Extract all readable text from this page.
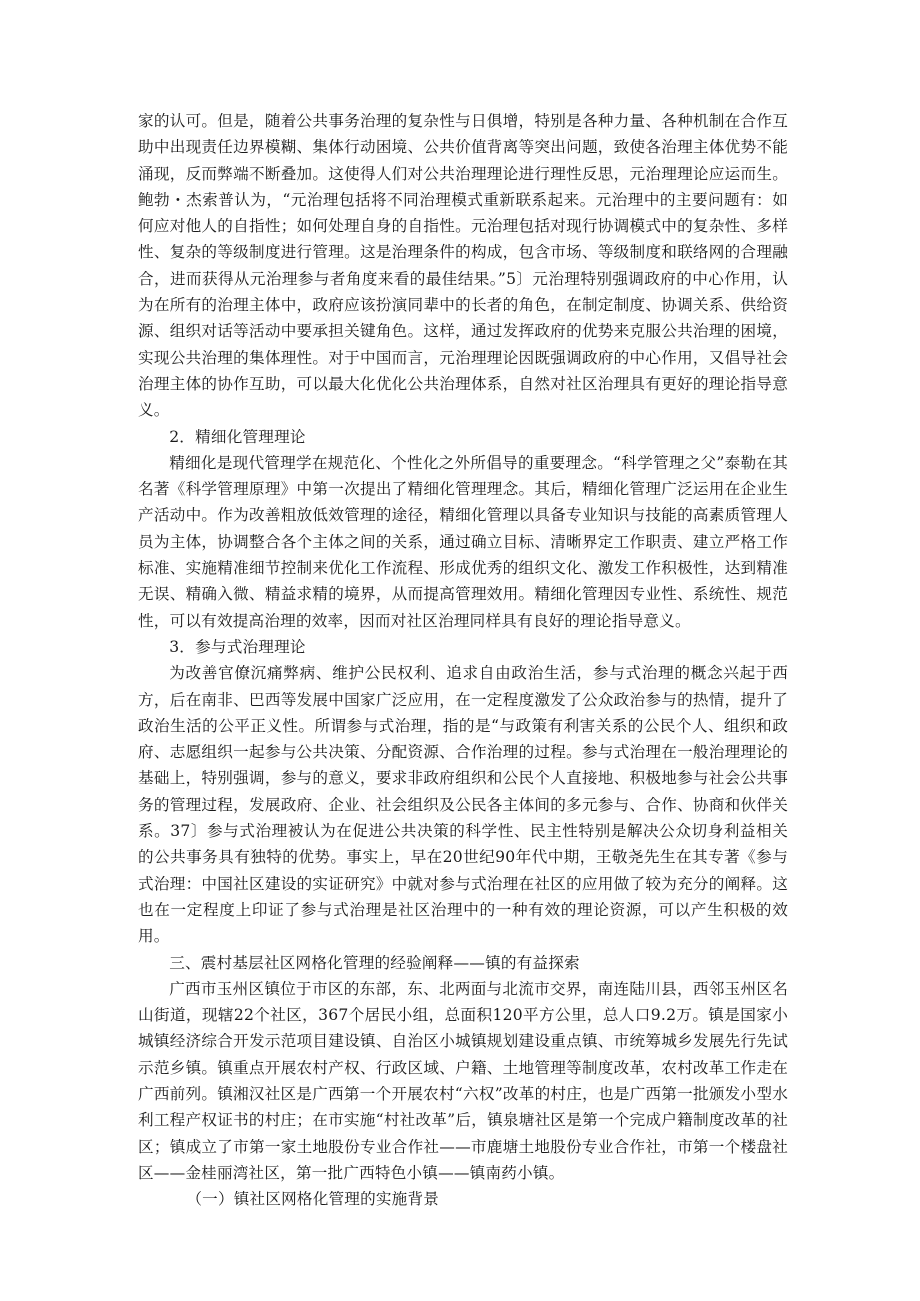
家的认可。但是，随着公共事务治理的复杂性与日俱增，特别是各种力量、各种机制在合作互助中出现责任边界模糊、集体行动困境、公共价值背离等突出问题，致使各治理主体优势不能涌现，反而弊端不断叠加。这使得人们对公共治理理论进行理性反思，元治理理论应运而生。鲍勃・杰索普认为，“元治理包括将不同治理模式重新联系起来。元治理中的主要问题有：如何应对他人的自指性；如何处理自身的自指性。元治理包括对现行协调模式中的复杂性、多样性、复杂的等级制度进行管理。这是治理条件的构成，包含市场、等级制度和联络网的合理融合，进而获得从元治理参与者角度来看的最佳结果。”5〕元治理特别强调政府的中心作用，认为在所有的治理主体中，政府应该扮演同辈中的长者的角色，在制定制度、协调关系、供给资源、组织对话等活动中要承担关键角色。这样，通过发挥政府的优势来克服公共治理的困境，实现公共治理的集体理性。对于中国而言，元治理理论因既强调政府的中心作用，又倡导社会治理主体的协作互助，可以最大化优化公共治理体系，自然对社区治理具有更好的理论指导意义。

2．精细化管理理论

精细化是现代管理学在规范化、个性化之外所倡导的重要理念。“科学管理之父”泰勒在其名著《科学管理原理》中第一次提出了精细化管理理念。其后，精细化管理广泛运用在企业生产活动中。作为改善粗放低效管理的途径，精细化管理以具备专业知识与技能的高素质管理人员为主体，协调整合各个主体之间的关系，通过确立目标、清晰界定工作职责、建立严格工作标准、实施精准细节控制来优化工作流程、形成优秀的组织文化、激发工作积极性，达到精准无误、精确入微、精益求精的境界，从而提高管理效用。精细化管理因专业性、系统性、规范性，可以有效提高治理的效率，因而对社区治理同样具有良好的理论指导意义。

3．参与式治理理论

为改善官僚沉痛弊病、维护公民权利、追求自由政治生活，参与式治理的概念兴起于西方，后在南非、巴西等发展中国家广泛应用，在一定程度激发了公众政治参与的热情，提升了政治生活的公平正义性。所谓参与式治理，指的是“与政策有利害关系的公民个人、组织和政府、志愿组织一起参与公共决策、分配资源、合作治理的过程。参与式治理在一般治理理论的基础上，特别强调，参与的意义，要求非政府组织和公民个人直接地、积极地参与社会公共事务的管理过程，发展政府、企业、社会组织及公民各主体间的多元参与、合作、协商和伙伴关系。37〕参与式治理被认为在促进公共决策的科学性、民主性特别是解决公众切身利益相关的公共事务具有独特的优势。事实上，早在20世纪90年代中期，王敬尧先生在其专著《参与式治理：中国社区建设的实证研究》中就对参与式治理在社区的应用做了较为充分的阐释。这也在一定程度上印证了参与式治理是社区治理中的一种有效的理论资源，可以产生积极的效用。

三、震村基层社区网格化管理的经验阐释——镇的有益探索

广西市玉州区镇位于市区的东部，东、北两面与北流市交界，南连陆川县，西邻玉州区名山街道，现辖22个社区，367个居民小组，总面积120平方公里，总人口9.2万。镇是国家小城镇经济综合开发示范项目建设镇、自治区小城镇规划建设重点镇、市统筹城乡发展先行先试示范乡镇。镇重点开展农村产权、行政区域、户籍、土地管理等制度改革，农村改革工作走在广西前列。镇湘汉社区是广西第一个开展农村“六权”改革的村庄，也是广西第一批颁发小型水利工程产权证书的村庄；在市实施“村社改革”后，镇泉塘社区是第一个完成户籍制度改革的社区；镇成立了市第一家土地股份专业合作社——市鹿塘土地股份专业合作社，市第一个楼盘社区——金桂丽湾社区，第一批广西特色小镇——镇南药小镇。

（一）镇社区网格化管理的实施背景
